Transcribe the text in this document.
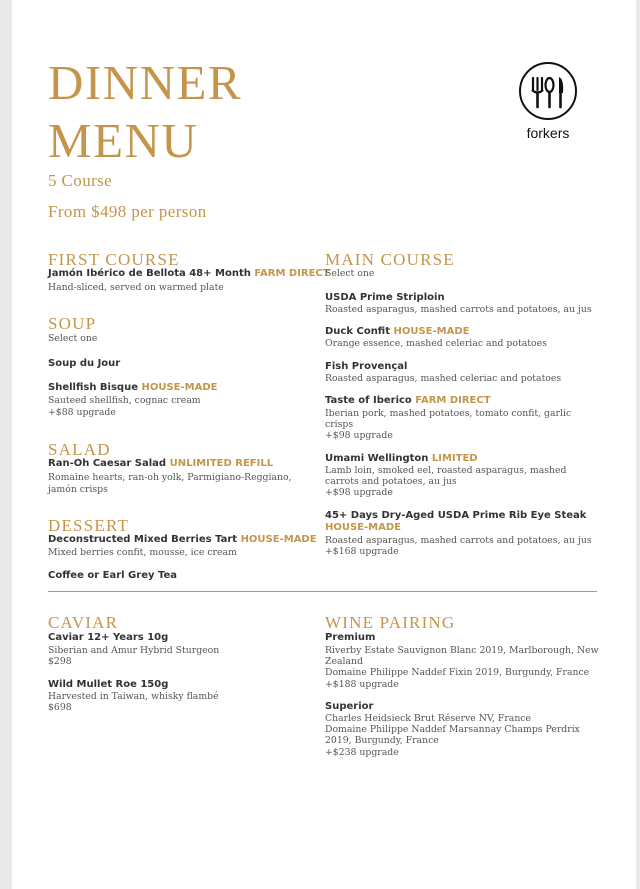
DINNER
MENU
5 Course
From $498 per person
forkers
FIRST COURSE
Jamón Ibérico de Bellota 48+ Month FARM DIRECT
Hand-sliced, served on warmed plate
SOUP
Select one
Soup du Jour
Shellfish Bisque HOUSE-MADE
Sauteed shellfish, cognac cream
+$88 upgrade
SALAD
Ran-Oh Caesar Salad UNLIMITED REFILL
Romaine hearts, ran-oh yolk, Parmigiano-Reggiano,
jamón crisps
DESSERT
Deconstructed Mixed Berries Tart HOUSE-MADE
Mixed berries confit, mousse, ice cream
Coffee or Earl Grey Tea
MAIN COURSE
Select one
USDA Prime Striploin
Roasted asparagus, mashed carrots and potatoes, au jus
Duck Confit HOUSE-MADE
Orange essence, mashed celeriac and potatoes
Fish Provençal
Roasted asparagus, mashed celeriac and potatoes
Taste of Iberico FARM DIRECT
Iberian pork, mashed potatoes, tomato confit, garlic
crisps
+$98 upgrade
Umami Wellington LIMITED
Lamb loin, smoked eel, roasted asparagus, mashed
carrots and potatoes, au jus
+$98 upgrade
45+ Days Dry-Aged USDA Prime Rib Eye Steak
HOUSE-MADE
Roasted asparagus, mashed carrots and potatoes, au jus
+$168 upgrade
CAVIAR
Caviar 12+ Years 10g
Siberian and Amur Hybrid Sturgeon
$298
Wild Mullet Roe 150g
Harvested in Taiwan, whisky flambé
$698
WINE PAIRING
Premium
Riverby Estate Sauvignon Blanc 2019, Marlborough, New
Zealand
Domaine Philippe Naddef Fixin 2019, Burgundy, France
+$188 upgrade
Superior
Charles Heidsieck Brut Réserve NV, France
Domaine Philippe Naddef Marsannay Champs Perdrix
2019, Burgundy, France
+$238 upgrade
